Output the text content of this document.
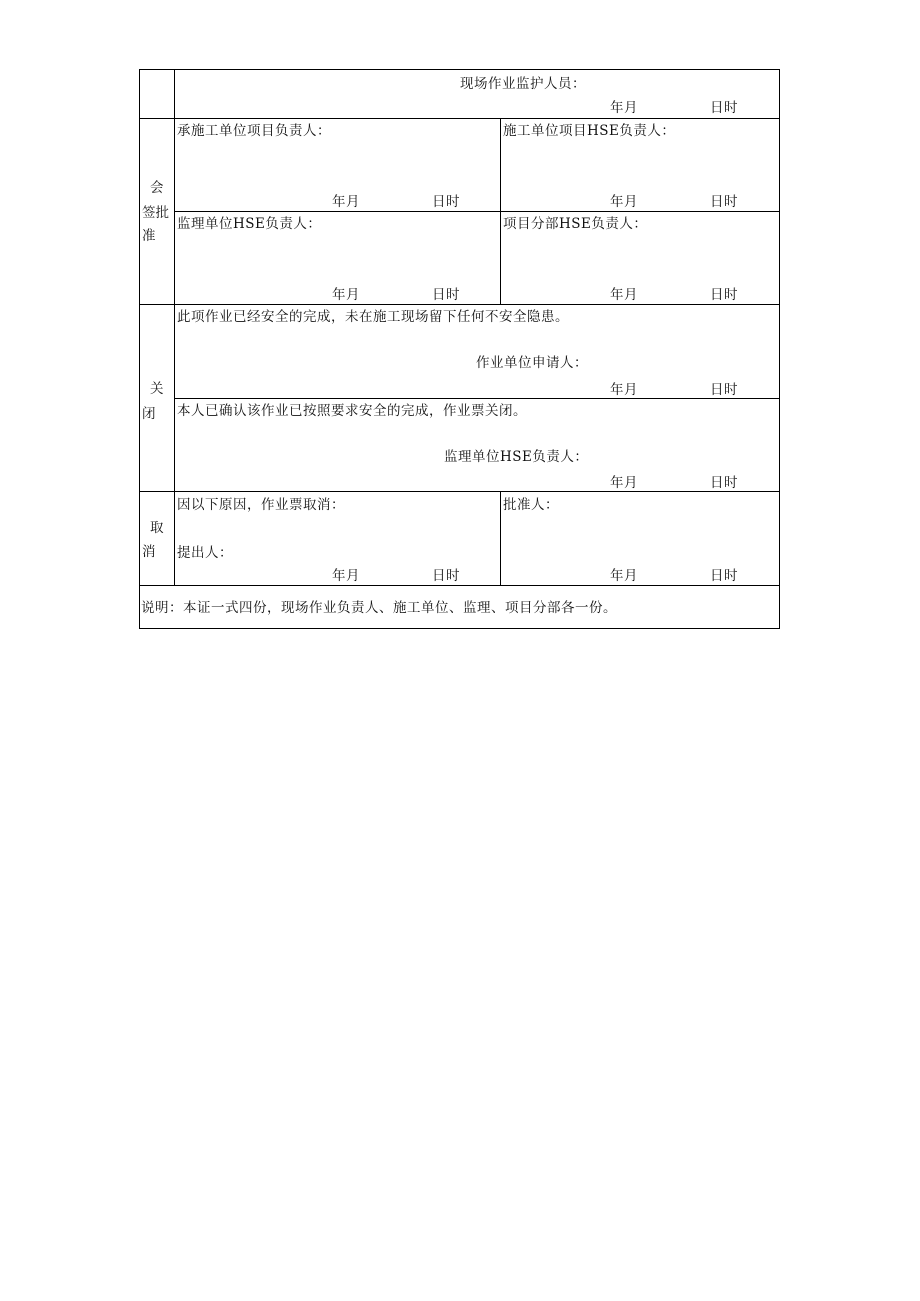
现场作业监护人员：
年月	日时
会
签批
准
承施工单位项目负责人：
年月	日时
施工单位项目HSE负责人：
年月	日时
监理单位HSE负责人：
年月	日时
项目分部HSE负责人：
年月	日时
关
闭
此项作业已经安全的完成，未在施工现场留下任何不安全隐患。
作业单位申请人：
年月	日时
本人已确认该作业已按照要求安全的完成，作业票关闭。
监理单位HSE负责人：
年月	日时
取
消
因以下原因，作业票取消：
提出人：
年月	日时
批准人：
年月	日时
说明：本证一式四份，现场作业负责人、施工单位、监理、项目分部各一份。
